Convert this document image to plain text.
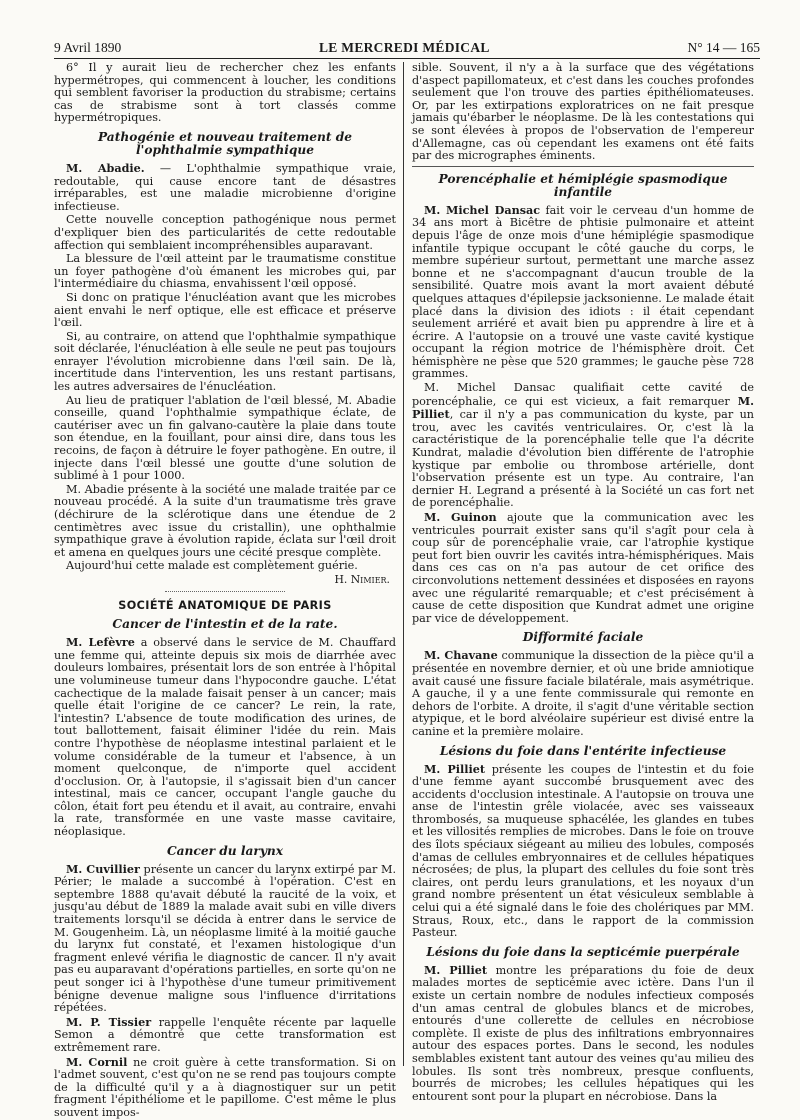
9 Avril 1890	LE MERCREDI MÉDICAL	N° 14 — 165

6° Il y aurait lieu de rechercher chez les enfants hypermétropes, qui commencent à loucher, les conditions qui semblent favoriser la production du strabisme; certains cas de strabisme sont à tort classés comme hypermétropiques.

Pathogénie et nouveau traitement de l'ophthalmie sympathique

M. Abadie. — L'ophthalmie sympathique vraie, redoutable, qui cause encore tant de désastres irréparables, est une maladie microbienne d'origine infectieuse.

Cette nouvelle conception pathogénique nous permet d'expliquer bien des particularités de cette redoutable affection qui semblaient incompréhensibles auparavant.

La blessure de l'œil atteint par le traumatisme constitue un foyer pathogène d'où émanent les microbes qui, par l'intermédiaire du chiasma, envahissent l'œil opposé.

Si donc on pratique l'énucléation avant que les microbes aient envahi le nerf optique, elle est efficace et préserve l'œil.

Si, au contraire, on attend que l'ophthalmie sympathique soit déclarée, l'énucléation à elle seule ne peut pas toujours enrayer l'évolution microbienne dans l'œil sain. De là, incertitude dans l'intervention, les uns restant partisans, les autres adversaires de l'énucléation.

Au lieu de pratiquer l'ablation de l'œil blessé, M. Abadie conseille, quand l'ophthalmie sympathique éclate, de cautériser avec un fin galvano-cautère la plaie dans toute son étendue, en la fouillant, pour ainsi dire, dans tous les recoins, de façon à détruire le foyer pathogène. En outre, il injecte dans l'œil blessé une goutte d'une solution de sublimé à 1 pour 1000.

M. Abadie présente à la société une malade traitée par ce nouveau procédé. A la suite d'un traumatisme très grave (déchirure de la sclérotique dans une étendue de 2 centimètres avec issue du cristallin), une ophthalmie sympathique grave à évolution rapide, éclata sur l'œil droit et amena en quelques jours une cécité presque complète.

Aujourd'hui cette malade est complètement guérie.

H. Nimier.
SOCIÉTÉ ANATOMIQUE DE PARIS
Cancer de l'intestin et de la rate.

M. Lefèvre a observé dans le service de M. Chauffard une femme qui, atteinte depuis six mois de diarrhée avec douleurs lombaires, présentait lors de son entrée à l'hôpital une volumineuse tumeur dans l'hypocondre gauche. L'état cachectique de la malade faisait penser à un cancer; mais quelle était l'origine de ce cancer? Le rein, la rate, l'intestin? L'absence de toute modification des urines, de tout ballottement, faisait éliminer l'idée du rein. Mais contre l'hypothèse de néoplasme intestinal parlaient et le volume considérable de la tumeur et l'absence, à un moment quelconque, de n'importe quel accident d'occlusion. Or, à l'autopsie, il s'agissait bien d'un cancer intestinal, mais ce cancer, occupant l'angle gauche du côlon, était fort peu étendu et il avait, au contraire, envahi la rate, transformée en une vaste masse cavitaire, néoplasique.

Cancer du larynx

M. Cuvillier présente un cancer du larynx extirpé par M. Périer; le malade a succombé à l'opération. C'est en septembre 1888 qu'avait débuté la raucité de la voix, et jusqu'au début de 1889 la malade avait subi en ville divers traitements lorsqu'il se décida à entrer dans le service de M. Gougenheim. Là, un néoplasme limité à la moitié gauche du larynx fut constaté, et l'examen histologique d'un fragment enlevé vérifia le diagnostic de cancer. Il n'y avait pas eu auparavant d'opérations partielles, en sorte qu'on ne peut songer ici à l'hypothèse d'une tumeur primitivement bénigne devenue maligne sous l'influence d'irritations répétées.

M. P. Tissier rappelle l'enquête récente par laquelle Semon a démontré que cette transformation est extrêmement rare.

M. Cornil ne croit guère à cette transformation. Si on l'admet souvent, c'est qu'on ne se rend pas toujours compte de la difficulté qu'il y a à diagnostiquer sur un petit fragment l'épithéliome et le papillome. C'est même le plus souvent impos-

sible. Souvent, il n'y a à la surface que des végétations d'aspect papillomateux, et c'est dans les couches profondes seulement que l'on trouve des parties épithéliomateuses. Or, par les extirpations exploratrices on ne fait presque jamais qu'ébarber le néoplasme. De là les contestations qui se sont élevées à propos de l'observation de l'empereur d'Allemagne, cas où cependant les examens ont été faits par des micrographes éminents.

Porencéphalie et hémiplégie spasmodique infantile

M. Michel Dansac fait voir le cerveau d'un homme de 34 ans mort à Bicêtre de phtisie pulmonaire et atteint depuis l'âge de onze mois d'une hémiplégie spasmodique infantile typique occupant le côté gauche du corps, le membre supérieur surtout, permettant une marche assez bonne et ne s'accompagnant d'aucun trouble de la sensibilité. Quatre mois avant la mort avaient débuté quelques attaques d'épilepsie jacksonienne. Le malade était placé dans la division des idiots : il était cependant seulement arriéré et avait bien pu apprendre à lire et à écrire. A l'autopsie on a trouvé une vaste cavité kystique occupant la région motrice de l'hémisphère droit. Cet hémisphère ne pèse que 520 grammes; le gauche pèse 728 grammes.

M. Michel Dansac qualifiait cette cavité de porencéphalie, ce qui est vicieux, a fait remarquer M. Pilliet, car il n'y a pas communication du kyste, par un trou, avec les cavités ventriculaires. Or, c'est là la caractéristique de la porencéphalie telle que l'a décrite Kundrat, maladie d'évolution bien différente de l'atrophie kystique par embolie ou thrombose artérielle, dont l'observation présente est un type. Au contraire, l'an dernier H. Legrand a présenté à la Société un cas fort net de porencéphalie.

M. Guinon ajoute que la communication avec les ventricules pourrait exister sans qu'il s'agît pour cela à coup sûr de porencéphalie vraie, car l'atrophie kystique peut fort bien ouvrir les cavités intra-hémisphériques. Mais dans ces cas on n'a pas autour de cet orifice des circonvolutions nettement dessinées et disposées en rayons avec une régularité remarquable; et c'est précisément à cause de cette disposition que Kundrat admet une origine par vice de développement.

Difformité faciale

M. Chavane communique la dissection de la pièce qu'il a présentée en novembre dernier, et où une bride amniotique avait causé une fissure faciale bilatérale, mais asymétrique. A gauche, il y a une fente commissurale qui remonte en dehors de l'orbite. A droite, il s'agit d'une véritable section atypique, et le bord alvéolaire supérieur est divisé entre la canine et la première molaire.

Lésions du foie dans l'entérite infectieuse

M. Pilliet présente les coupes de l'intestin et du foie d'une femme ayant succombé brusquement avec des accidents d'occlusion intestinale. A l'autopsie on trouva une anse de l'intestin grêle violacée, avec ses vaisseaux thrombosés, sa muqueuse sphacélée, les glandes en tubes et les villosités remplies de microbes. Dans le foie on trouve des îlots spéciaux siégeant au milieu des lobules, composés d'amas de cellules embryonnaires et de cellules hépatiques nécrosées; de plus, la plupart des cellules du foie sont très claires, ont perdu leurs granulations, et les noyaux d'un grand nombre présentent un état vésiculeux semblable à celui qui a été signalé dans le foie des cholériques par MM. Straus, Roux, etc., dans le rapport de la commission Pasteur.

Lésions du foie dans la septicémie puerpérale

M. Pilliet montre les préparations du foie de deux malades mortes de septicémie avec ictère. Dans l'un il existe un certain nombre de nodules infectieux composés d'un amas central de globules blancs et de microbes, entourés d'une collerette de cellules en nécrobiose complète. Il existe de plus des infiltrations embryonnaires autour des espaces portes. Dans le second, les nodules semblables existent tant autour des veines qu'au milieu des lobules. Ils sont très nombreux, presque confluents, bourrés de microbes; les cellules hépatiques qui les entourent sont pour la plupart en nécrobiose. Dans la
